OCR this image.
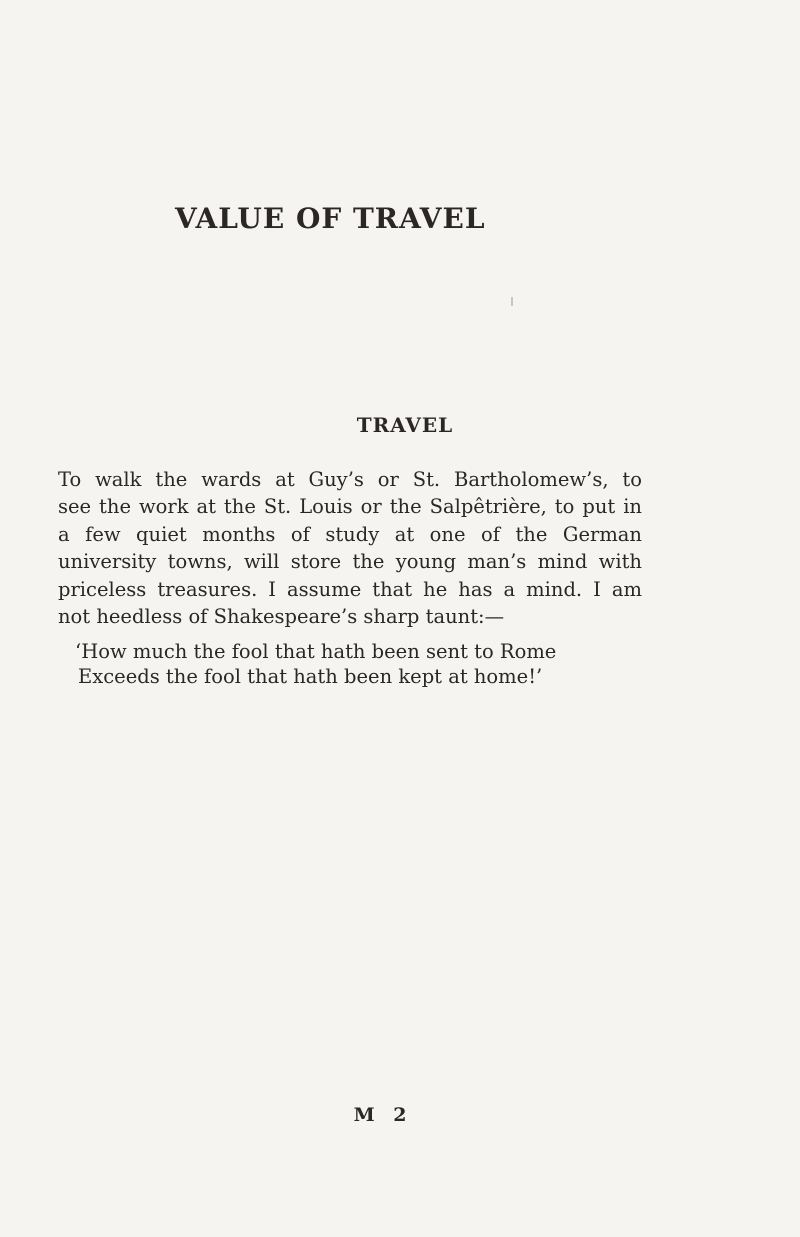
VALUE OF TRAVEL
TRAVEL
To walk the wards at Guy’s or St. Bartholomew’s, to
see the work at the St. Louis or the Salpêtrière, to put in
a few quiet months of study at one of the German
university towns, will store the young man’s mind with
priceless treasures. I assume that he has a mind. I am
not heedless of Shakespeare’s sharp taunt:—
‘How much the fool that hath been sent to Rome
Exceeds the fool that hath been kept at home!’
M 2
